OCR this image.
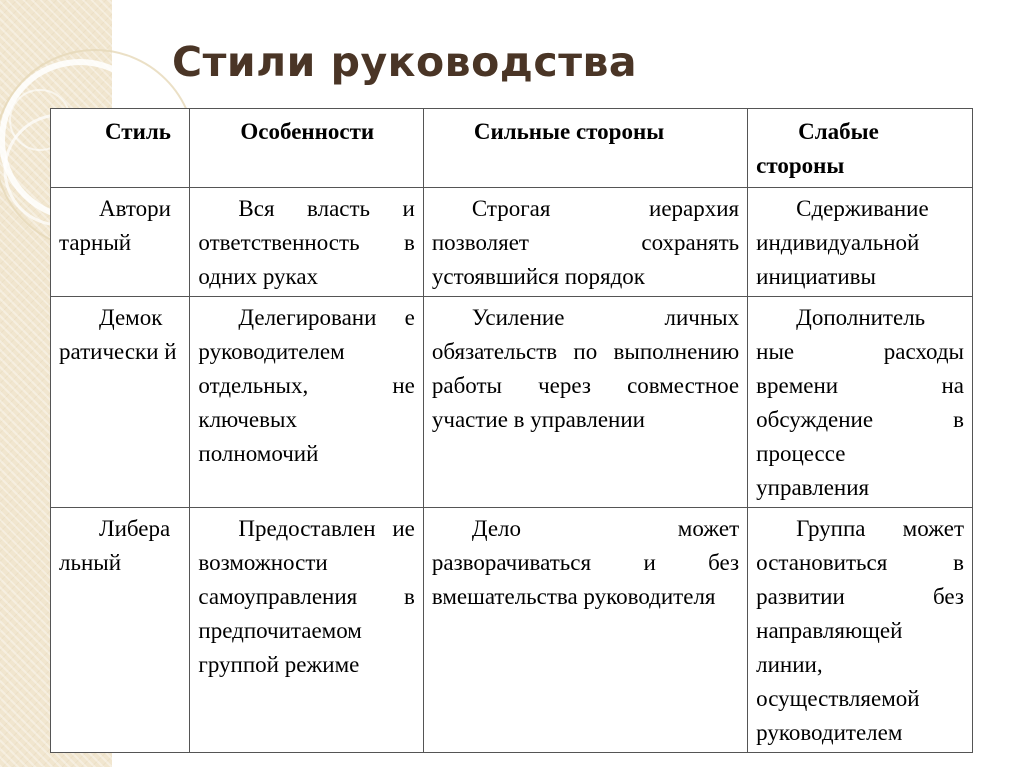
Стили руководства
Стиль	Особенности	Сильные стороны	Слабые стороны

Автори тарный	Вся власть и ответственность в одних руках	Строгая иерархия позволяет сохранять устоявшийся порядок	Сдерживание индивидуальной инициативы

Демок ратически й	Делегировани е руководителем отдельных, не ключевых полномочий	Усиление личных обязательств по выполнению работы через совместное участие в управлении	Дополнитель ные расходы времени на обсуждение в процессе управления

Либера льный	Предоставлен ие возможности самоуправления в предпочитаемом группой режиме	Дело может разворачиваться и без вмешательства руководителя	Группа может остановиться в развитии без направляющей линии, осуществляемой руководителем
